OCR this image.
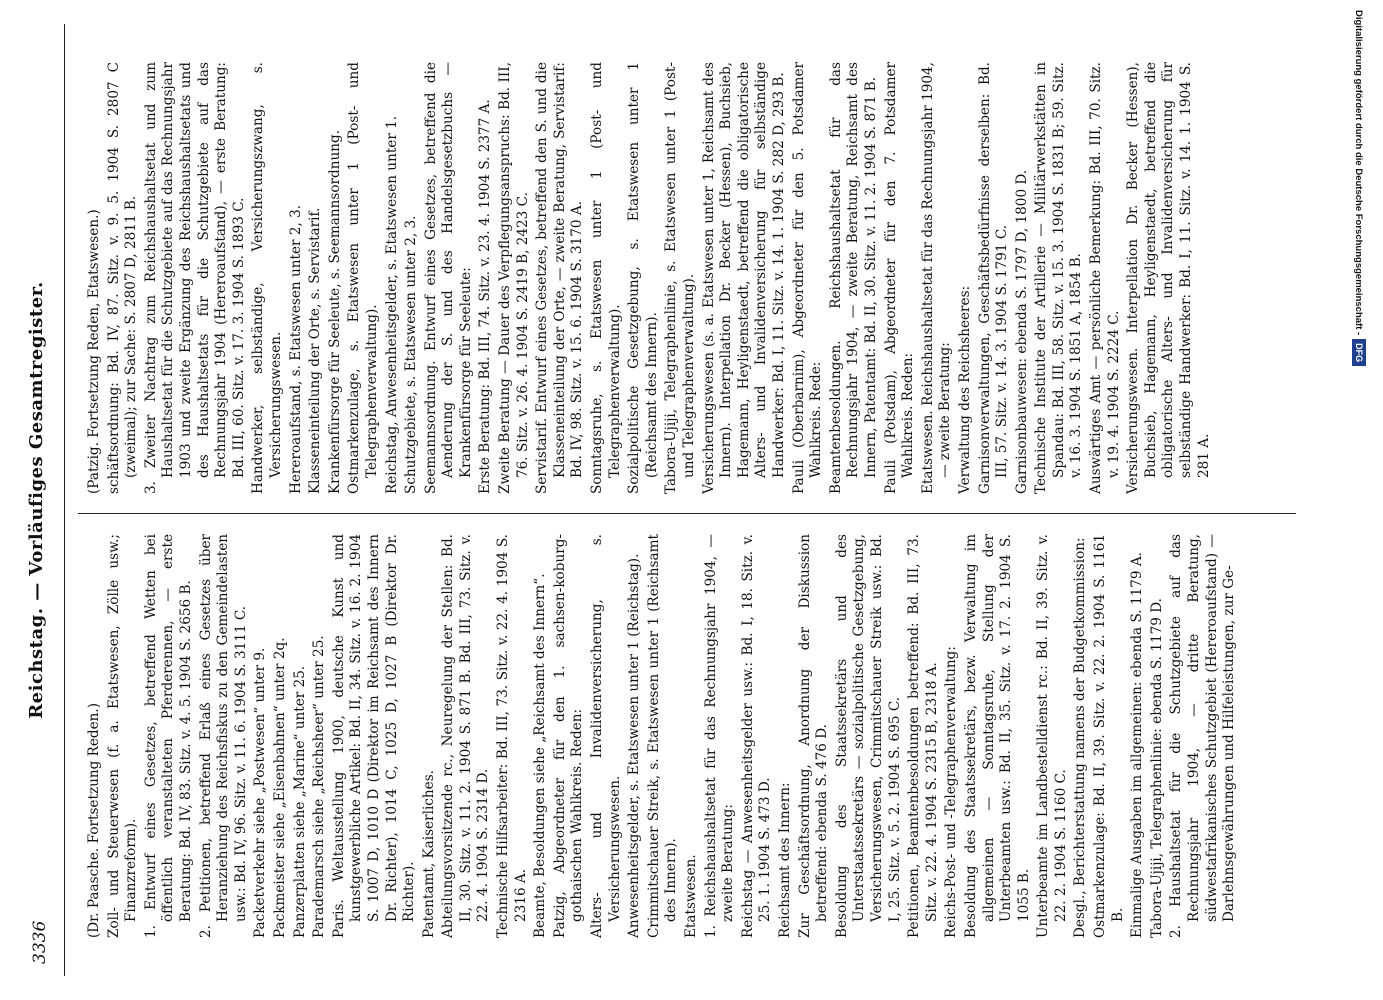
3336
Reichstag. — Vorläufiges Gesamtregister.
(Dr. Paasche. Fortsetzung Reden.) Zoll- und Steuerwesen (f. a. Etatswesen, Zölle usw.; Finanzreform). 1. Entwurf eines Gesetzes, betreffend Wetten bei öffentlich veranstalteten Pferderennen, — erste Beratung: Bd. IV, 83. Sitz. v. 4. 5. 1904 S. 2656 B. 2. Petitionen, betreffend Erlaß eines Gesetzes über Heranziehung des Reichsfiskus zu den Gemeindelasten usw.: Bd. IV, 96. Sitz. v. 11. 6. 1904 S. 3111 C. Packetverkehr siehe „Postwesen“ unter 9. Packmeister siehe „Eisenbahnen“ unter 2q. Panzerplatten siehe „Marine“ unter 25. Parademarsch siehe „Reichsheer“ unter 25. Paris. Weltausstellung 1900, deutsche Kunst und kunstgewerbliche Artikel: Bd. II, 34. Sitz. v. 16. 2. 1904 S. 1007 D, 1010 D (Direktor im Reichsamt des Innern Dr. Richter), 1014 C, 1025 D, 1027 B (Direktor Dr. Richter). Patentamt, Kaiserliches. Abteilungsvorsitzende rc., Neuregelung der Stellen: Bd. II, 30. Sitz. v. 11. 2. 1904 S. 871 B. Bd. III, 73. Sitz. v. 22. 4. 1904 S. 2314 D. Technische Hilfsarbeiter: Bd. III, 73. Sitz. v. 22. 4. 1904 S. 2316 A. Beamte, Besoldungen siehe „Reichsamt des Innern“. Patzig, Abgeordneter für den 1. sachsen-koburg-gothaischen Wahlkreis. Reden: Alters- und Invalidenversicherung, s. Versicherungswesen. Anwesenheitsgelder, s. Etatswesen unter 1 (Reichstag). Crimmitschauer Streik, s. Etatswesen unter 1 (Reichsamt des Innern). Etatswesen. 1. Reichshaushaltsetat für das Rechnungsjahr 1904, — zweite Beratung: Reichstag — Anwesenheitsgelder usw.: Bd. I, 18. Sitz. v. 25. 1. 1904 S. 473 D. Reichsamt des Innern: Zur Geschäftsordnung, Anordnung der Diskussion betreffend: ebenda S. 476 D. Besoldung des Staatssekretärs und des Unterstaatssekretärs — sozialpolitische Gesetzgebung, Versicherungswesen, Crimmitschauer Streik usw.: Bd. I, 25. Sitz. v. 5. 2. 1904 S. 695 C. Petitionen, Beamtenbesoldungen betreffend: Bd. III, 73. Sitz. v. 22. 4. 1904 S. 2315 B, 2318 A. Reichs-Post- und -Telegraphenverwaltung: Besoldung des Staatssekretärs, bezw. Verwaltung im allgemeinen — Sonntagsruhe, Stellung der Unterbeamten usw.: Bd. II, 35. Sitz. v. 17. 2. 1904 S. 1055 B. Unterbeamte im Landbestelldienst rc.: Bd. II, 39. Sitz. v. 22. 2. 1904 S. 1160 C. Desgl., Berichterstattung namens der Budgetkommission: Ostmarkenzulage: Bd. II, 39. Sitz. v. 22. 2. 1904 S. 1161 B. Einmalige Ausgaben im allgemeinen: ebenda S. 1179 A. Tabora-Ujiji, Telegraphenlinie: ebenda S. 1179 D. 2. Haushaltsetat für die Schutzgebiete auf das Rechnungsjahr 1904, — dritte Beratung, südwestafrikanisches Schutzgebiet (Hereroaufstand) — Darlehnsgewährungen und Hilfeleistungen, zur Ge-
(Patzig. Fortsetzung Reden, Etatswesen.) schäftsordnung: Bd. IV, 87. Sitz. v. 9. 5. 1904 S. 2807 C (zweimal); zur Sache: S. 2807 D, 2811 B. 3. Zweiter Nachtrag zum Reichshaushaltsetat und zum Haushaltsetat für die Schutzgebiete auf das Rechnungsjahr 1903 und zweite Ergänzung des Reichshaushaltsetats und des Haushaltsetats für die Schutzgebiete auf das Rechnungsjahr 1904 (Hereroaufstand), — erste Beratung: Bd. III, 60. Sitz. v. 17. 3. 1904 S. 1893 C. Handwerker, selbständige, Versicherungszwang, s. Versicherungswesen. Hereroaufstand, s. Etatswesen unter 2, 3. Klasseneinteilung der Orte, s. Servistarif. Krankenfürsorge für Seeleute, s. Seemannsordnung. Ostmarkenzulage, s. Etatswesen unter 1 (Post- und Telegraphenverwaltung). Reichstag, Anwesenheitsgelder, s. Etatswesen unter 1. Schutzgebiete, s. Etatswesen unter 2, 3. Seemannsordnung. Entwurf eines Gesetzes, betreffend die Aenderung der S. und des Handelsgesetzbuchs — Krankenfürsorge für Seeleute: Erste Beratung: Bd. III, 74. Sitz. v. 23. 4. 1904 S. 2377 A. Zweite Beratung — Dauer des Verpflegungsanspruchs: Bd. III, 76. Sitz. v. 26. 4. 1904 S. 2419 B, 2423 C. Servistarif. Entwurf eines Gesetzes, betreffend den S. und die Klasseneinteilung der Orte, — zweite Beratung, Servistarif: Bd. IV, 98. Sitz. v. 15. 6. 1904 S. 3170 A. Sonntagsruhe, s. Etatswesen unter 1 (Post- und Telegraphenverwaltung). Sozialpolitische Gesetzgebung, s. Etatswesen unter 1 (Reichsamt des Innern). Tabora-Ujiji, Telegraphenlinie, s. Etatswesen unter 1 (Post- und Telegraphenverwaltung). Versicherungswesen (s. a. Etatswesen unter 1, Reichsamt des Innern). Interpellation Dr. Becker (Hessen), Buchsieb, Hagemann, Heyligenstaedt, betreffend die obligatorische Alters- und Invalidenversicherung für selbständige Handwerker: Bd. I, 11. Sitz. v. 14. 1. 1904 S. 282 D, 293 B. Pauli (Oberbarnim), Abgeordneter für den 5. Potsdamer Wahlkreis. Rede: Beamtenbesoldungen. Reichshaushaltsetat für das Rechnungsjahr 1904, — zweite Beratung, Reichsamt des Innern, Patentamt: Bd. II, 30. Sitz. v. 11. 2. 1904 S. 871 B. Pauli (Potsdam), Abgeordneter für den 7. Potsdamer Wahlkreis. Reden: Etatswesen. Reichshaushaltsetat für das Rechnungsjahr 1904, — zweite Beratung: Verwaltung des Reichsheeres: Garnisonverwaltungen, Geschäftsbedürfnisse derselben: Bd. III, 57. Sitz. v. 14. 3. 1904 S. 1791 C. Garnisonbauwesen: ebenda S. 1797 D, 1800 D. Technische Institute der Artillerie — Militärwerkstätten in Spandau: Bd. III, 58. Sitz. v. 15. 3. 1904 S. 1831 B; 59. Sitz. v. 16. 3. 1904 S. 1851 A, 1854 B. Auswärtiges Amt — persönliche Bemerkung: Bd. III, 70. Sitz. v. 19. 4. 1904 S. 2224 C. Versicherungswesen. Interpellation Dr. Becker (Hessen), Buchsieb, Hagemann, Heyligenstaedt, betreffend die obligatorische Alters- und Invalidenversicherung für selbständige Handwerker: Bd. I, 11. Sitz. v. 14. 1. 1904 S. 281 A.
Digitalisierung gefördert durch die Deutsche Forschungsgemeinschaft -DFG
